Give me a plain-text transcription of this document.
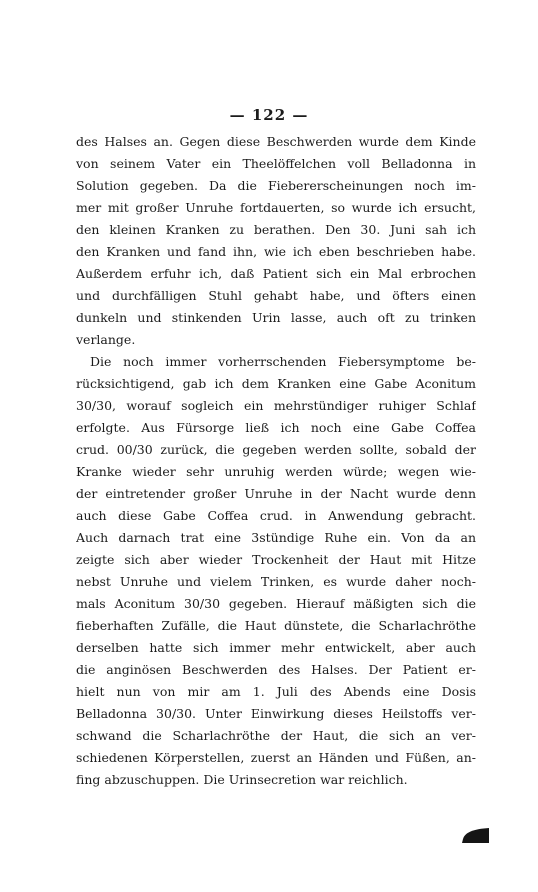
— 122 —
des Halses an. Gegen diese Beschwerden wurde dem Kinde
von seinem Vater ein Theelöffelchen voll Belladonna in
Solution gegeben. Da die Fiebererscheinungen noch im-
mer mit großer Unruhe fortdauerten, so wurde ich ersucht,
den kleinen Kranken zu berathen. Den 30. Juni sah ich
den Kranken und fand ihn, wie ich eben beschrieben habe.
Außerdem erfuhr ich, daß Patient sich ein Mal erbrochen
und durchfälligen Stuhl gehabt habe, und öfters einen
dunkeln und stinkenden Urin lasse, auch oft zu trinken
verlange.
Die noch immer vorherrschenden Fiebersymptome be-
rücksichtigend, gab ich dem Kranken eine Gabe Aconitum
30/30, worauf sogleich ein mehrstündiger ruhiger Schlaf
erfolgte. Aus Fürsorge ließ ich noch eine Gabe Coffea
crud. 00/30 zurück, die gegeben werden sollte, sobald der
Kranke wieder sehr unruhig werden würde; wegen wie-
der eintretender großer Unruhe in der Nacht wurde denn
auch diese Gabe Coffea crud. in Anwendung gebracht.
Auch darnach trat eine 3stündige Ruhe ein. Von da an
zeigte sich aber wieder Trockenheit der Haut mit Hitze
nebst Unruhe und vielem Trinken, es wurde daher noch-
mals Aconitum 30/30 gegeben. Hierauf mäßigten sich die
fieberhaften Zufälle, die Haut dünstete, die Scharlachröthe
derselben hatte sich immer mehr entwickelt, aber auch
die anginösen Beschwerden des Halses. Der Patient er-
hielt nun von mir am 1. Juli des Abends eine Dosis
Belladonna 30/30. Unter Einwirkung dieses Heilstoffs ver-
schwand die Scharlachröthe der Haut, die sich an ver-
schiedenen Körperstellen, zuerst an Händen und Füßen, an-
fing abzuschuppen. Die Urinsecretion war reichlich.
